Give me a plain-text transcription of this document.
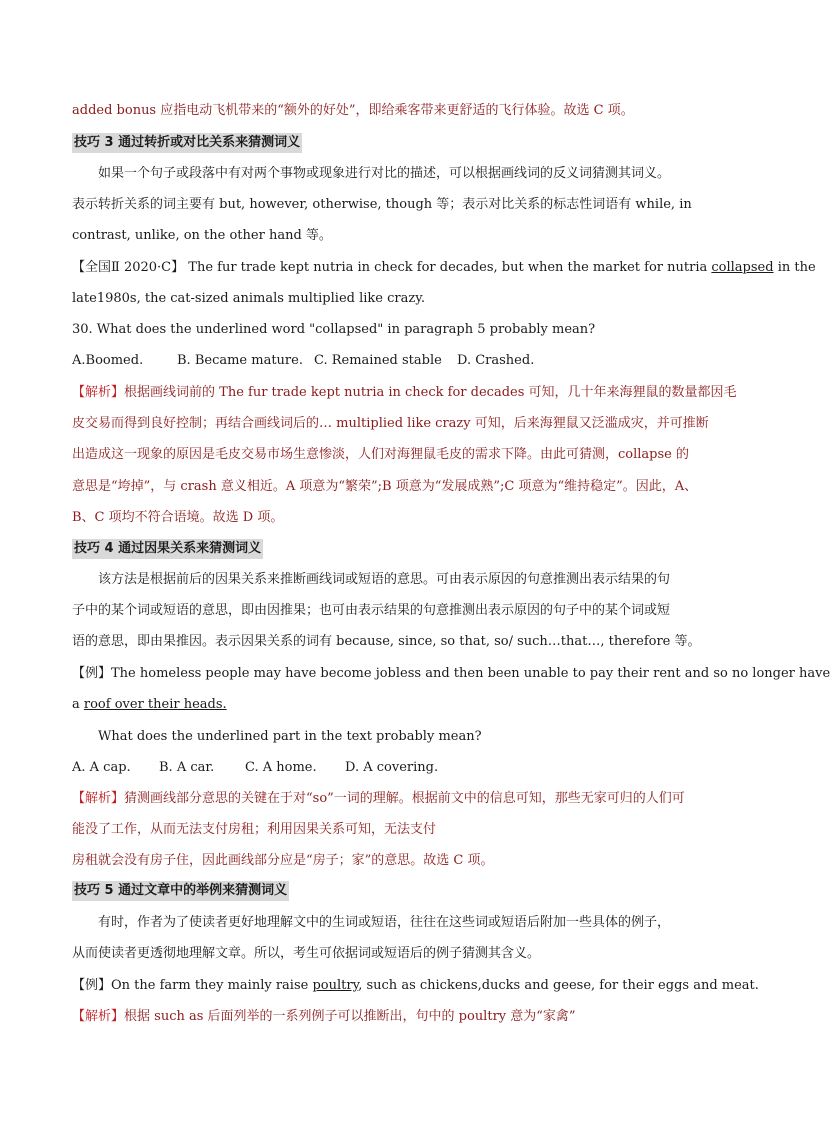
added bonus 应指电动飞机带来的“额外的好处”，即给乘客带来更舒适的飞行体验。故选 C 项。
技巧 3 通过转折或对比关系来猜测词义
如果一个句子或段落中有对两个事物或现象进行对比的描述，可以根据画线词的反义词猜测其词义。
表示转折关系的词主要有 but, however, otherwise, though 等；表示对比关系的标志性词语有 while, in
contrast, unlike, on the other hand 等。
【全国Ⅱ 2020·C】 The fur trade kept nutria in check for decades, but when the market for nutria collapsed in the
late1980s, the cat-sized animals multiplied like crazy.
30. What does the underlined word "collapsed" in paragraph 5 probably mean?
A.Boomed.	B. Became mature. C. Remained stable D. Crashed.
【解析】根据画线词前的 The fur trade kept nutria in check for decades 可知，几十年来海狸鼠的数量都因毛
皮交易而得到良好控制；再结合画线词后的… multiplied like crazy 可知，后来海狸鼠又泛滥成灾，并可推断
出造成这一现象的原因是毛皮交易市场生意惨淡，人们对海狸鼠毛皮的需求下降。由此可猜测，collapse 的
意思是“垮掉”，与 crash 意义相近。A 项意为“繁荣”;B 项意为“发展成熟”;C 项意为“维持稳定”。因此，A、
B、C 项均不符合语境。故选 D 项。
技巧 4 通过因果关系来猜测词义
该方法是根据前后的因果关系来推断画线词或短语的意思。可由表示原因的句意推测出表示结果的句
子中的某个词或短语的意思，即由因推果；也可由表示结果的句意推测出表示原因的句子中的某个词或短
语的意思，即由果推因。表示因果关系的词有 because, since, so that, so/ such…that…, therefore 等。
【例】The homeless people may have become jobless and then been unable to pay their rent and so no longer have
a roof over their heads.
What does the underlined part in the text probably mean?
A. A cap. B. A car. C. A home. D. A covering.
【解析】猜测画线部分意思的关键在于对“so”一词的理解。根据前文中的信息可知，那些无家可归的人们可
能没了工作，从而无法支付房租；利用因果关系可知，无法支付
房租就会没有房子住，因此画线部分应是“房子；家”的意思。故选 C 项。
技巧 5 通过文章中的举例来猜测词义
有时，作者为了使读者更好地理解文中的生词或短语，往往在这些词或短语后附加一些具体的例子，
从而使读者更透彻地理解文章。所以，考生可依据词或短语后的例子猜测其含义。
【例】On the farm they mainly raise poultry, such as chickens,ducks and geese, for their eggs and meat.
【解析】根据 such as 后面列举的一系列例子可以推断出，句中的 poultry 意为“家禽”
